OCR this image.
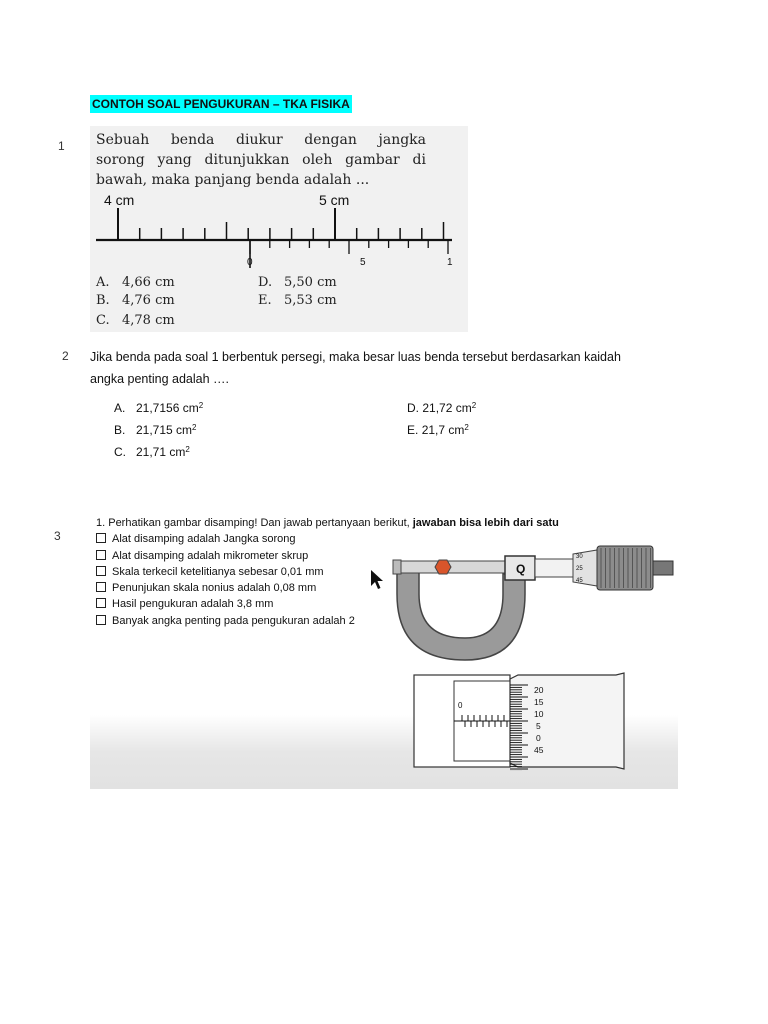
CONTOH SOAL PENGUKURAN – TKA FISIKA
1 Sebuah benda diukur dengan jangka
sorong yang ditunjukkan oleh gambar di
bawah, maka panjang benda adalah ...
4 cm	5 cm
0	5	1
A. 4,66 cm
B. 4,76 cm
C. 4,78 cm
D. 5,50 cm
E. 5,53 cm
2 Jika benda pada soal 1 berbentuk persegi, maka besar luas benda tersebut berdasarkan kaidah
angka penting adalah ….
A. 21,7156 $cm^2$
B. 21,715 $cm^2$
C. 21,71 $cm^2$
D. 21,72 $cm^2$
E. 21,7 $cm^2$
3
1. Perhatikan gambar disamping! Dan jawab pertanyaan berikut, jawaban bisa lebih dari satu
Alat disamping adalah Jangka sorong
Alat disamping adalah mikrometer skrup
Skala terkecil ketelitianya sebesar 0,01 mm
Penunjukan skala nonius adalah 0,08 mm
Hasil pengukuran adalah 3,8 mm
Banyak angka penting pada pengukuran adalah 2
Q
30
25
45
0
20
15
10
5
0
45
